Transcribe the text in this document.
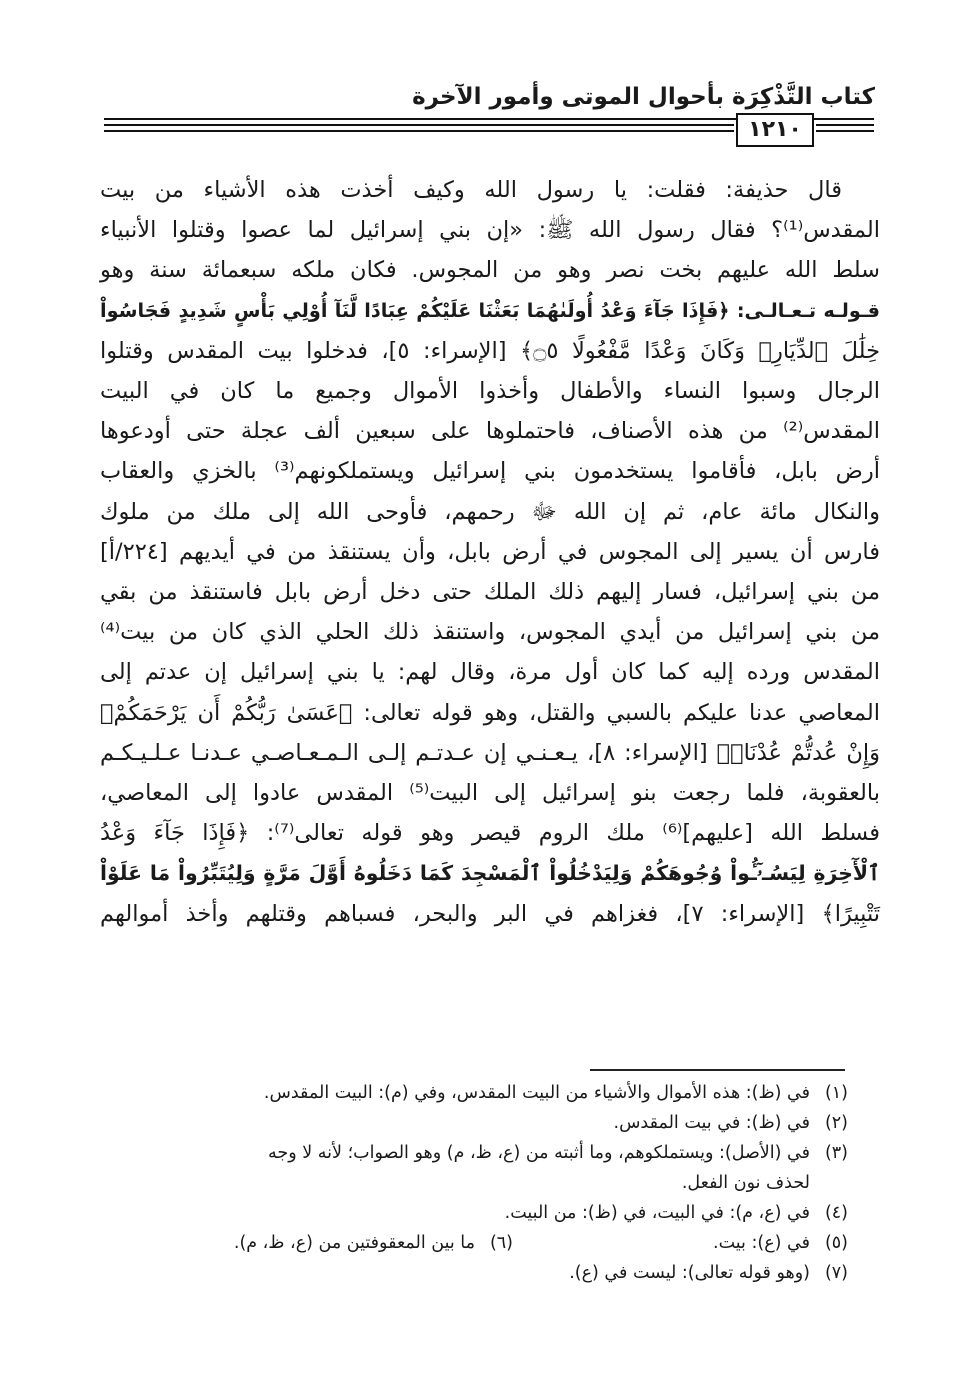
كتاب التَّذْكِرَة بأحوال الموتى وأمور الآخرة
١٢١٠
قال حذيفة: فقلت: يا رسول الله وكيف أخذت هذه الأشياء من بيت
المقدس⁽¹⁾؟ فقال رسول الله ﷺ: «إن بني إسرائيل لما عصوا وقتلوا الأنبياء
سلط الله عليهم بخت نصر وهو من المجوس. فكان ملكه سبعمائة سنة وهو
قـولـه تـعـالـى: ﴿فَإِذَا جَآءَ وَعْدُ أُولَىٰهُمَا بَعَثْنَا عَلَيْكُمْ عِبَادًا لَّنَآ أُوْلِي بَأْسٍ شَدِيدٍ فَجَاسُواْ
خِلَٰلَ ٱلدِّيَارِۚ وَكَانَ وَعْدًا مَّفْعُولًا ۝٥﴾ [الإسراء: ٥]، فدخلوا بيت المقدس وقتلوا
الرجال وسبوا النساء والأطفال وأخذوا الأموال وجميع ما كان في البيت
المقدس⁽²⁾ من هذه الأصناف، فاحتملوها على سبعين ألف عجلة حتى أودعوها
أرض بابل، فأقاموا يستخدمون بني إسرائيل ويستملكونهم⁽³⁾ بالخزي والعقاب
والنكال مائة عام، ثم إن الله ﷻ رحمهم، فأوحى الله إلى ملك من ملوك
فارس أن يسير إلى المجوس في أرض بابل، وأن يستنقذ من في أيديهم [٢٢٤/أ]
من بني إسرائيل، فسار إليهم ذلك الملك حتى دخل أرض بابل فاستنقذ من بقي
من بني إسرائيل من أيدي المجوس، واستنقذ ذلك الحلي الذي كان من بيت⁽⁴⁾
المقدس ورده إليه كما كان أول مرة، وقال لهم: يا بني إسرائيل إن عدتم إلى
المعاصي عدنا عليكم بالسبي والقتل، وهو قوله تعالى: ﴿عَسَىٰ رَبُّكُمْ أَن يَرْحَمَكُمْۚ
وَإِنْ عُدتُّمْ عُدْنَاۘ﴾ [الإسراء: ٨]، يـعـنـي إن عـدتـم إلـى الـمـعـاصـي عـدنـا عـلـيـكـم
بالعقوبة، فلما رجعت بنو إسرائيل إلى البيت⁽⁵⁾ المقدس عادوا إلى المعاصي،
فسلط الله [عليهم]⁽⁶⁾ ملك الروم قيصر وهو قوله تعالى⁽⁷⁾: ﴿فَإِذَا جَآءَ وَعْدُ
ٱلْأٓخِرَةِ لِيَسُـۥٓـُٔواْ وُجُوهَكُمْ وَلِيَدْخُلُواْ ٱلْمَسْجِدَ كَمَا دَخَلُوهُ أَوَّلَ مَرَّةٍ وَلِيُتَبِّرُواْ مَا عَلَوْاْ
تَتْبِيرًا﴾ [الإسراء: ٧]، فغزاهم في البر والبحر، فسباهم وقتلهم وأخذ أموالهم
(١)في (ظ): هذه الأموال والأشياء من البيت المقدس، وفي (م): البيت المقدس.
(٢)في (ظ): في بيت المقدس.
(٣)في (الأصل): ويستملكوهم، وما أثبته من (ع، ظ، م) وهو الصواب؛ لأنه لا وجه
لحذف نون الفعل.
(٤)في (ع، م): في البيت، في (ظ): من البيت.
(٥)في (ع): بيت.
(٦)ما بين المعقوفتين من (ع، ظ، م).
(٧)(وهو قوله تعالى): ليست في (ع).
